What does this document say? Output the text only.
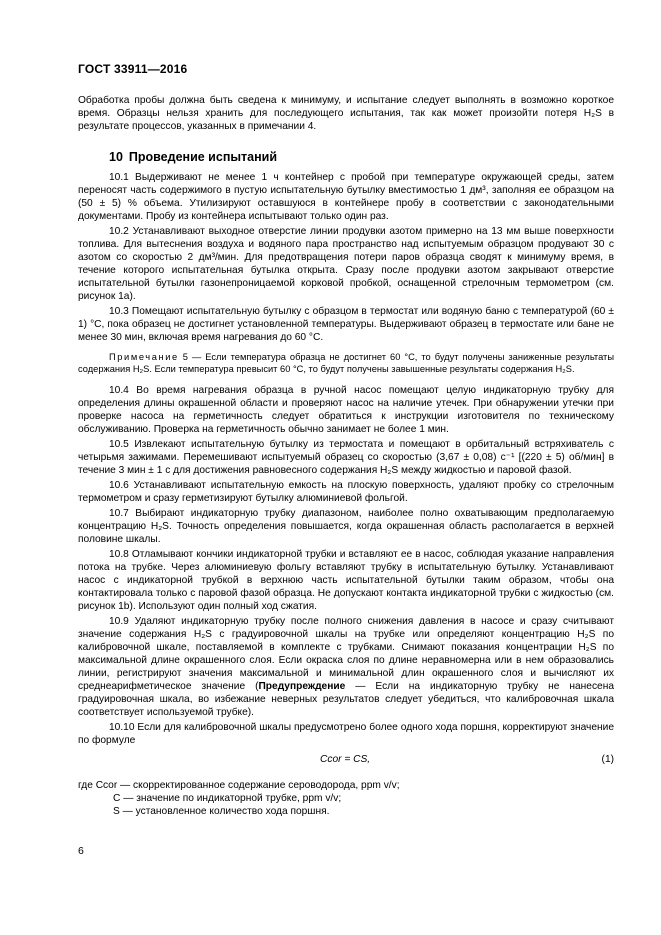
ГОСТ 33911—2016

Обработка пробы должна быть сведена к минимуму, и испытание следует выполнять в возможно короткое время. Образцы нельзя хранить для последующего испытания, так как может произойти потеря H₂S в результате процессов, указанных в примечании 4.

10 Проведение испытаний

10.1 Выдерживают не менее 1 ч контейнер с пробой при температуре окружающей среды, затем переносят часть содержимого в пустую испытательную бутылку вместимостью 1 дм³, заполняя ее образцом на (50 ± 5) % объема. Утилизируют оставшуюся в контейнере пробу в соответствии с законодательными документами. Пробу из контейнера испытывают только один раз.

10.2 Устанавливают выходное отверстие линии продувки азотом примерно на 13 мм выше поверхности топлива. Для вытеснения воздуха и водяного пара пространство над испытуемым образцом продувают 30 с азотом со скоростью 2 дм³/мин. Для предотвращения потери паров образца сводят к минимуму время, в течение которого испытательная бутылка открыта. Сразу после продувки азотом закрывают отверстие испытательной бутылки газонепроницаемой корковой пробкой, оснащенной стрелочным термометром (см. рисунок 1а).

10.3 Помещают испытательную бутылку с образцом в термостат или водяную баню с температурой (60 ± 1) °C, пока образец не достигнет установленной температуры. Выдерживают образец в термостате или бане не менее 30 мин, включая время нагревания до 60 °C.

Примечание 5 — Если температура образца не достигнет 60 °C, то будут получены заниженные результаты содержания H₂S. Если температура превысит 60 °C, то будут получены завышенные результаты содержания H₂S.

10.4 Во время нагревания образца в ручной насос помещают целую индикаторную трубку для определения длины окрашенной области и проверяют насос на наличие утечек. При обнаружении утечки при проверке насоса на герметичность следует обратиться к инструкции изготовителя по техническому обслуживанию. Проверка на герметичность обычно занимает не более 1 мин.

10.5 Извлекают испытательную бутылку из термостата и помещают в орбитальный встряхиватель с четырьмя зажимами. Перемешивают испытуемый образец со скоростью (3,67 ± 0,08) с⁻¹ [(220 ± 5) об/мин] в течение 3 мин ± 1 с для достижения равновесного содержания H₂S между жидкостью и паровой фазой.

10.6 Устанавливают испытательную емкость на плоскую поверхность, удаляют пробку со стрелочным термометром и сразу герметизируют бутылку алюминиевой фольгой.

10.7 Выбирают индикаторную трубку диапазоном, наиболее полно охватывающим предполагаемую концентрацию H₂S. Точность определения повышается, когда окрашенная область располагается в верхней половине шкалы.

10.8 Отламывают кончики индикаторной трубки и вставляют ее в насос, соблюдая указание направления потока на трубке. Через алюминиевую фольгу вставляют трубку в испытательную бутылку. Устанавливают насос с индикаторной трубкой в верхнюю часть испытательной бутылки таким образом, чтобы она контактировала только с паровой фазой образца. Не допускают контакта индикаторной трубки с жидкостью (см. рисунок 1b). Используют один полный ход сжатия.

10.9 Удаляют индикаторную трубку после полного снижения давления в насосе и сразу считывают значение содержания H₂S с градуировочной шкалы на трубке или определяют концентрацию H₂S по калибровочной шкале, поставляемой в комплекте с трубками. Снимают показания концентрации H₂S по максимальной длине окрашенного слоя. Если окраска слоя по длине неравномерна или в нем образовались линии, регистрируют значения максимальной и минимальной длин окрашенного слоя и вычисляют их среднеарифметическое значение (Предупреждение — Если на индикаторную трубку не нанесена градуировочная шкала, во избежание неверных результатов следует убедиться, что калибровочная шкала соответствует используемой трубке).

10.10 Если для калибровочной шкалы предусмотрено более одного хода поршня, корректируют значение по формуле

Ccor = CS,	(1)
где Ccor — скорректированное содержание сероводорода, ppm v/v;
C — значение по индикаторной трубке, ppm v/v;
S — установленное количество хода поршня.
6
